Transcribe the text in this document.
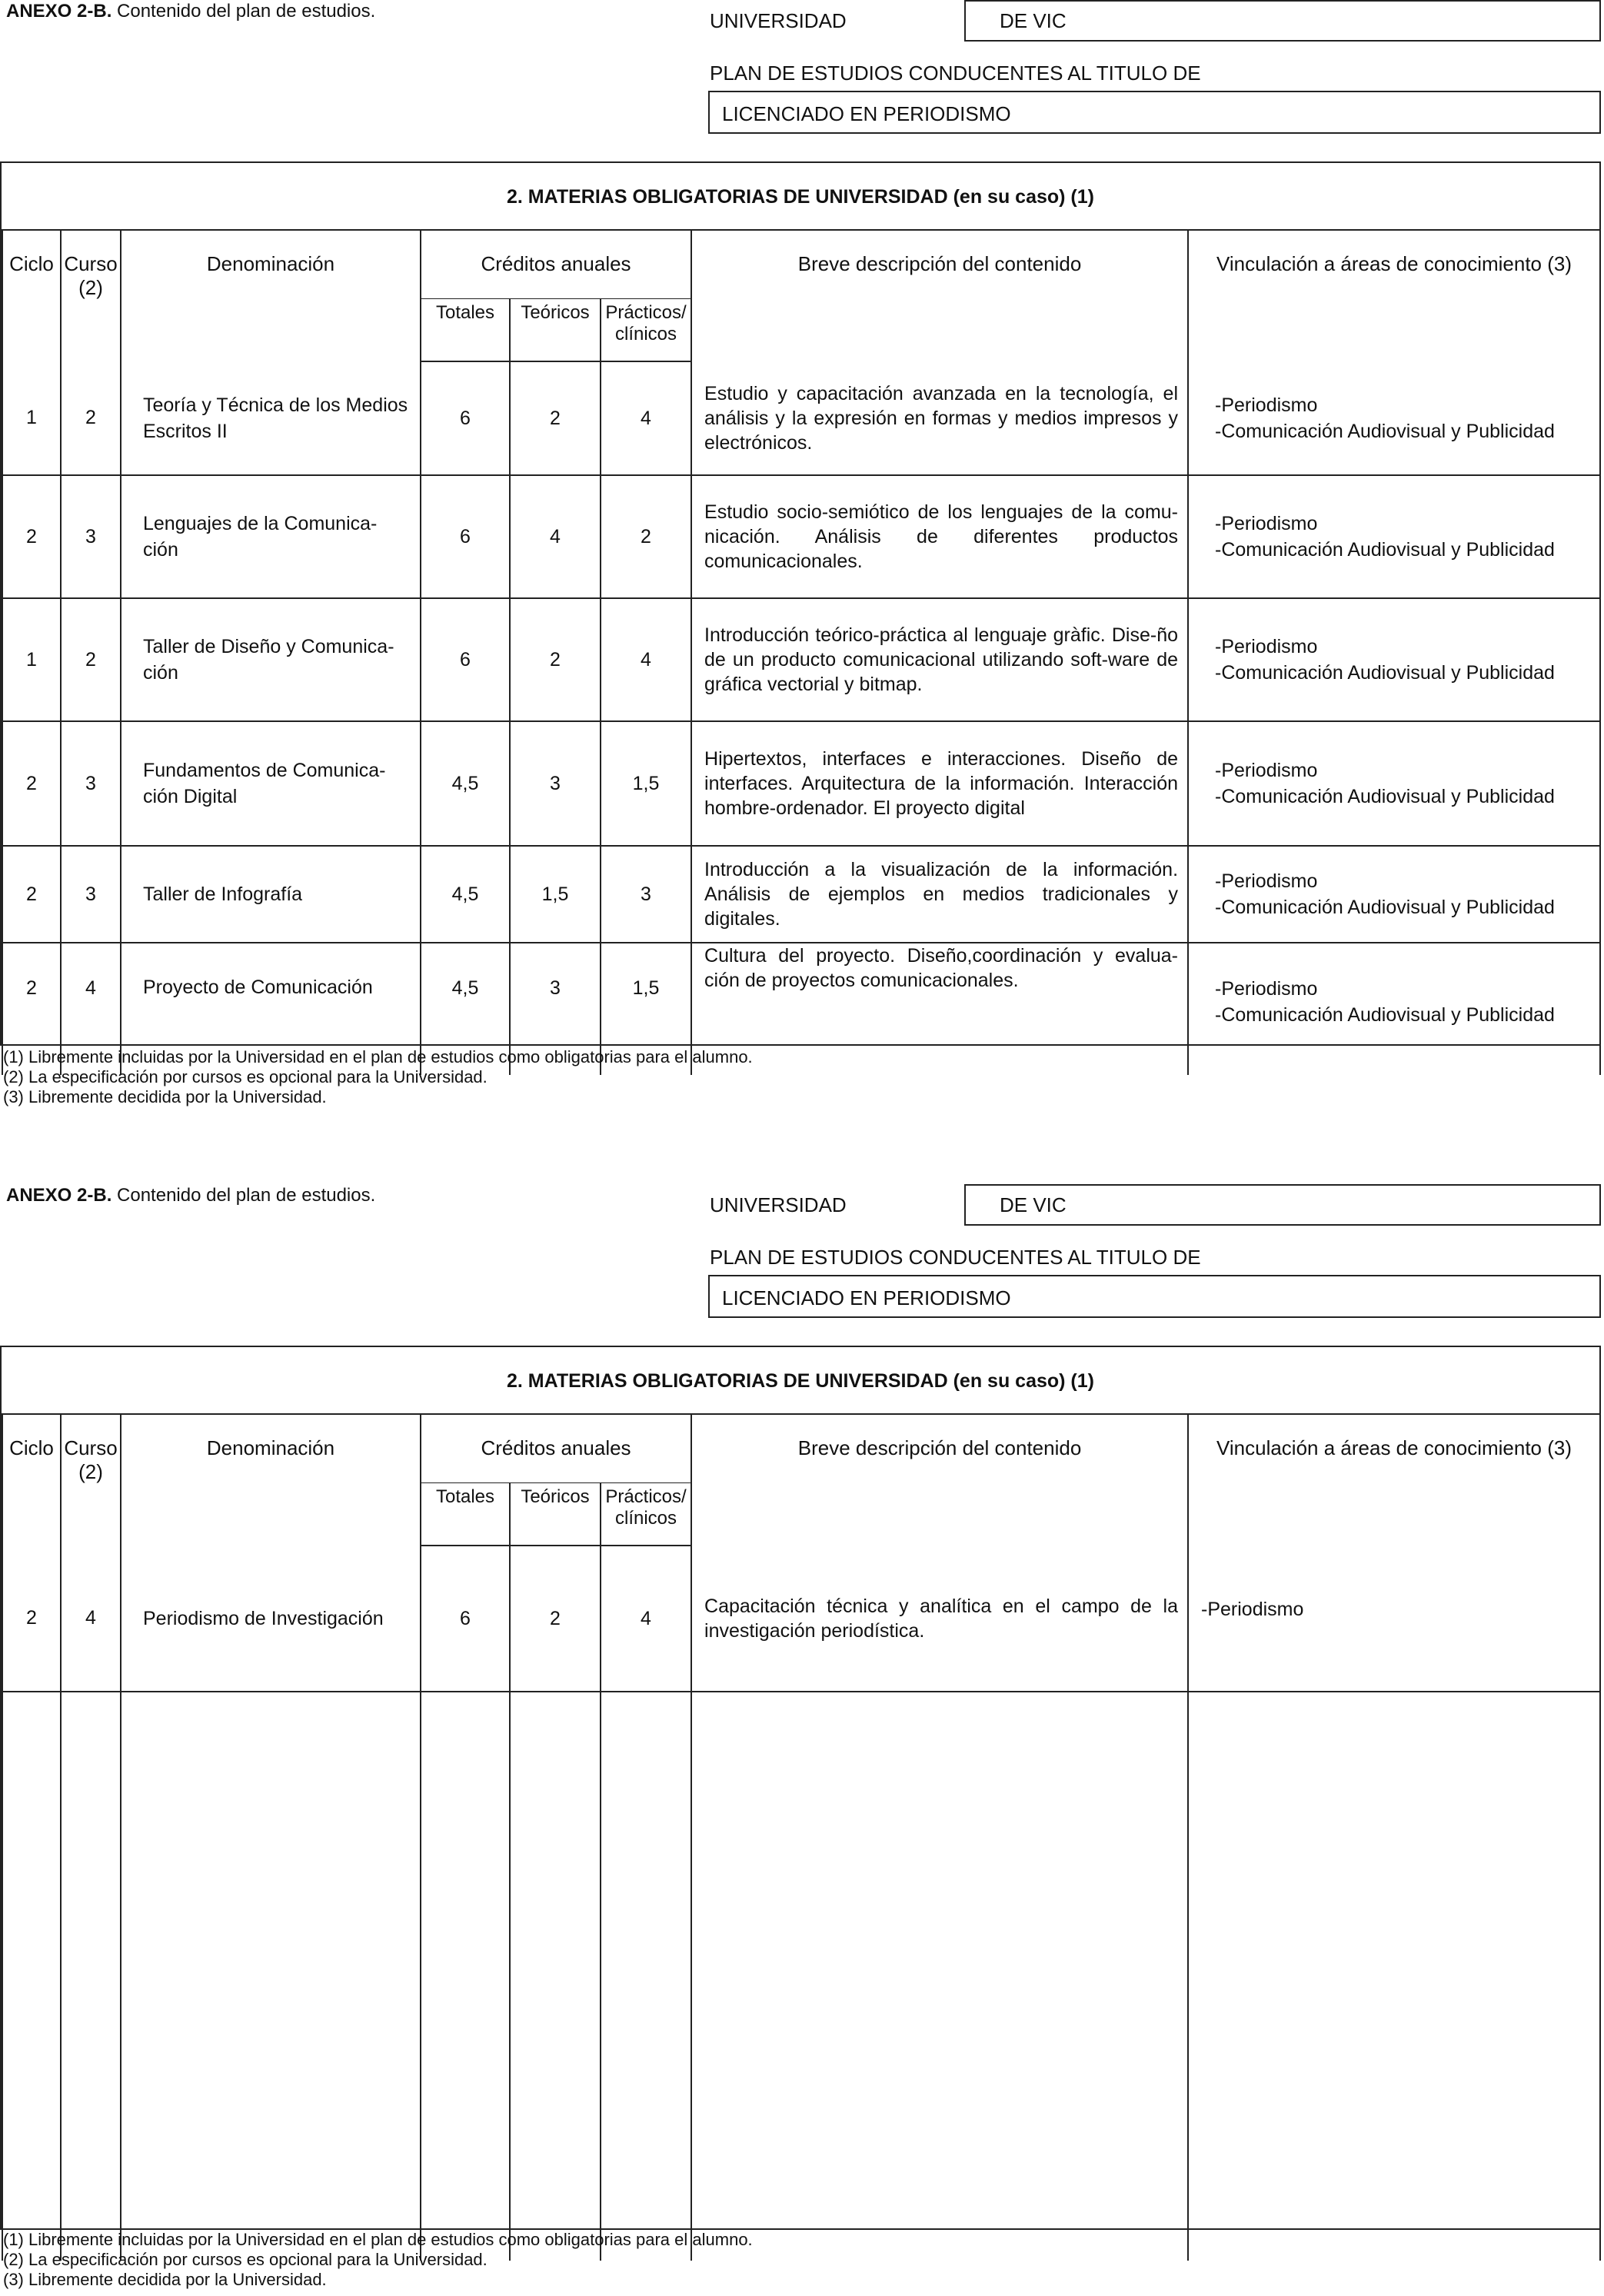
ANEXO 2-B. Contenido del plan de estudios.	UNIVERSIDAD	DE VIC
PLAN DE ESTUDIOS CONDUCENTES AL TITULO DE
LICENCIADO EN PERIODISMO
2. MATERIAS OBLIGATORIAS DE UNIVERSIDAD (en su caso) (1)
Ciclo	Curso
(2)	Denominación	Créditos anuales			Breve descripción del contenido	Vinculación a áreas de conocimiento (3)
			Totales	Teóricos	Prácticos/ clínicos		
1	2	Teoría y Técnica de los Medios Escritos II	6	2	4	Estudio y capacitación avanzada en la tecnología, el análisis y la expresión en formas y medios impresos y electrónicos.	-Periodismo
-Comunicación Audiovisual y Publicidad

2	3	Lenguajes de la Comunica-ción	6	4	2	Estudio socio-semiótico de los lenguajes de la comu-nicación. Análisis de diferentes productos comunicacionales.	-Periodismo
-Comunicación Audiovisual y Publicidad

1	2	Taller de Diseño y Comunica-ción	6	2	4	Introducción teórico-práctica al lenguaje gràfic. Dise-ño de un producto comunicacional utilizando soft-ware de gráfica vectorial y bitmap.	-Periodismo
-Comunicación Audiovisual y Publicidad

2	3	Fundamentos de Comunica-ción Digital	4,5	3	1,5	Hipertextos, interfaces e interacciones. Diseño de interfaces. Arquitectura de la información. Interacción hombre-ordenador. El proyecto digital	-Periodismo
-Comunicación Audiovisual y Publicidad

2	3	Taller de Infografía	4,5	1,5	3	Introducción a la visualización de la información. Análisis de ejemplos en medios tradicionales y digitales.	-Periodismo
-Comunicación Audiovisual y Publicidad

2	4	Proyecto de Comunicación	4,5	3	1,5	Cultura del proyecto. Diseño,coordinación y evalua-ción de proyectos comunicacionales.	-Periodismo
-Comunicación Audiovisual y Publicidad
(1) Libremente incluidas por la Universidad en el plan de estudios como obligatorias para el alumno.
(2) La especificación por cursos es opcional para la Universidad.
(3) Libremente decidida por la Universidad.
ANEXO 2-B. Contenido del plan de estudios.	UNIVERSIDAD	DE VIC
PLAN DE ESTUDIOS CONDUCENTES AL TITULO DE
LICENCIADO EN PERIODISMO
2. MATERIAS OBLIGATORIAS DE UNIVERSIDAD (en su caso) (1)
Ciclo	Curso
(2)	Denominación	Créditos anuales			Breve descripción del contenido	Vinculación a áreas de conocimiento (3)
			Totales	Teóricos	Prácticos/ clínicos		
2	4	Periodismo de Investigación	6	2	4	Capacitación técnica y analítica en el campo de la investigación periodística.	-Periodismo

(1) Libremente incluidas por la Universidad en el plan de estudios como obligatorias para el alumno.
(2) La especificación por cursos es opcional para la Universidad.
(3) Libremente decidida por la Universidad.
